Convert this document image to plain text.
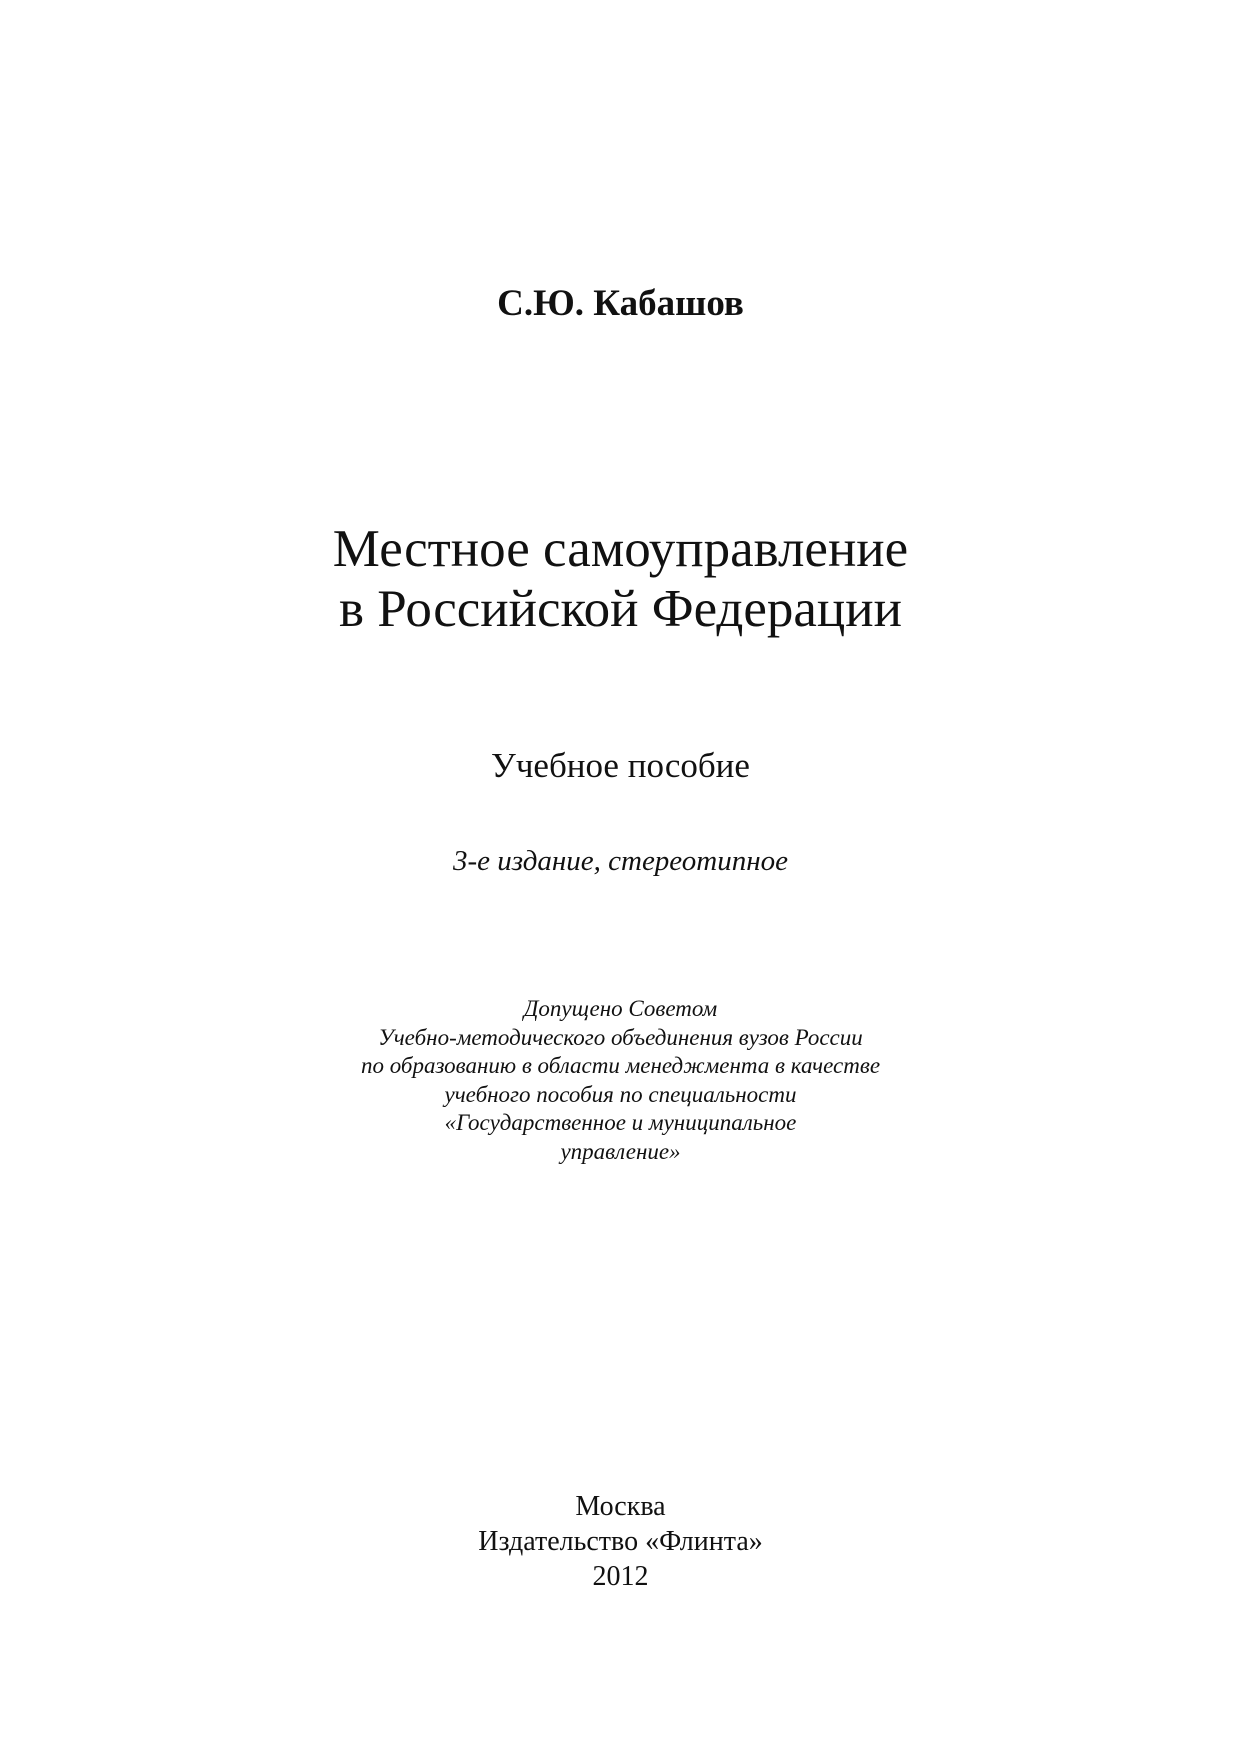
С.Ю. Кабашов
Местное самоуправление
в Российской Федерации
Учебное пособие
3-е издание, стереотипное
Допущено Советом
Учебно-методического объединения вузов России
по образованию в области менеджмента в качестве
учебного пособия по специальности
«Государственное и муниципальное
управление»
Москва
Издательство «Флинта»
2012
